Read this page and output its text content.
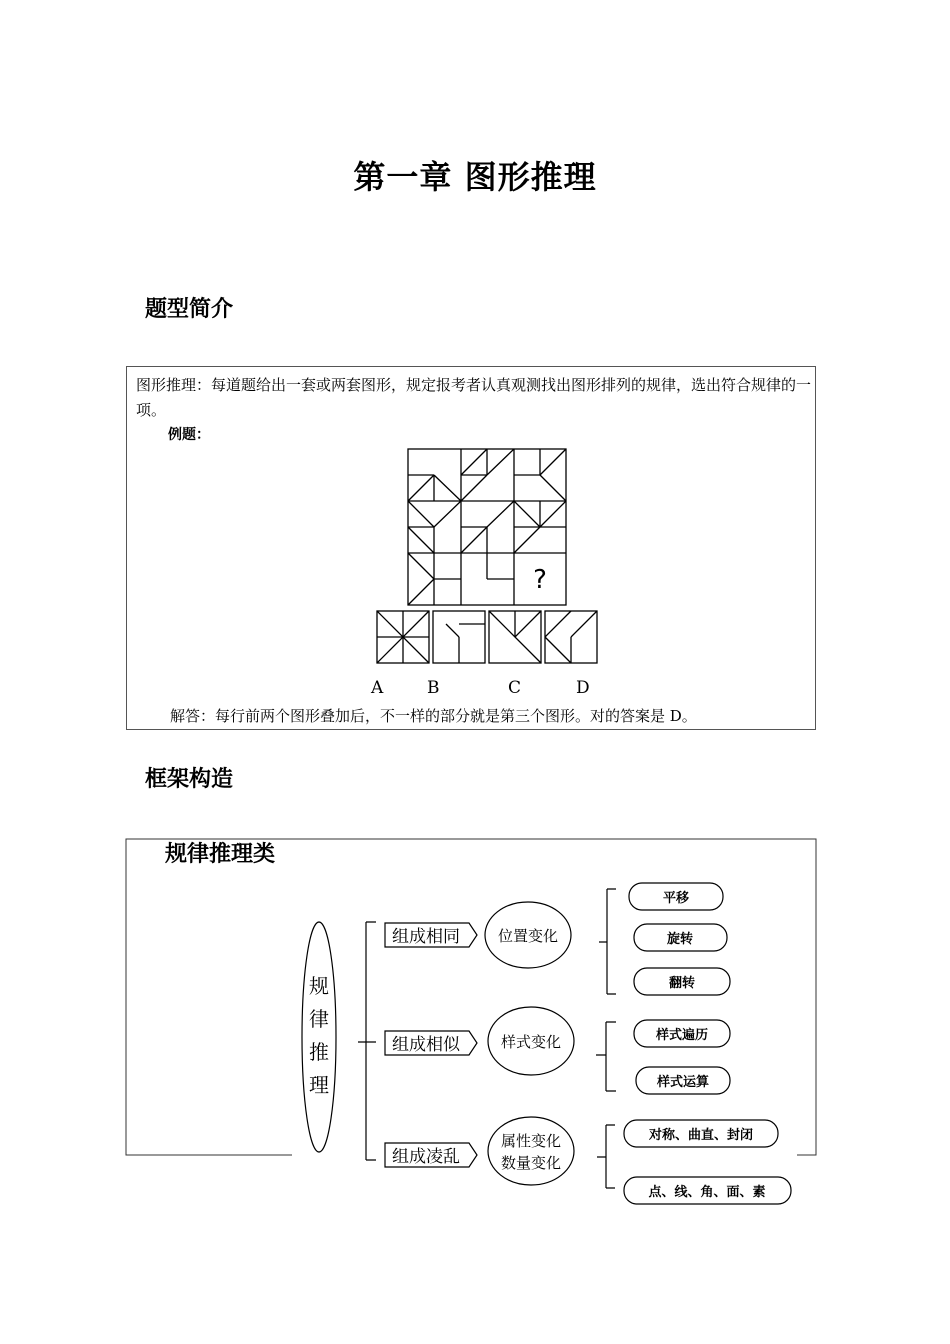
第一章 图形推理
题型简介
图形推理：每道题给出一套或两套图形，规定报考者认真观测找出图形排列的规律，选出符合规律的一项。
例题：
?
A	B	C	D
解答：每行前两个图形叠加后，不一样的部分就是第三个图形。对的答案是 D。
框架构造
规
律
推
理
组成相同
组成相似
组成凌乱
位置变化
样式变化
属性变化
数量变化
平移
旋转
翻转
样式遍历
样式运算
对称、曲直、封闭
点、线、角、面、素
规律推理类
